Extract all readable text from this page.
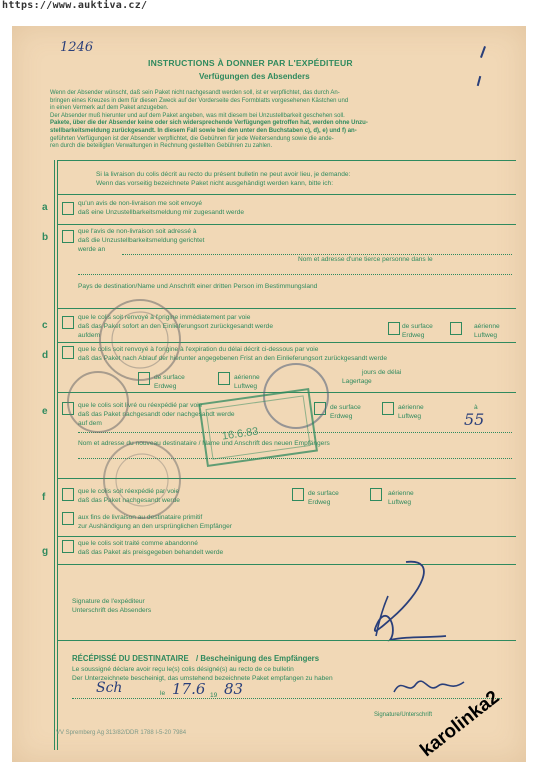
https://www.auktiva.cz/
1246
INSTRUCTIONS À DONNER PAR L'EXPÉDITEUR
Verfügungen des Absenders
Wenn der Absender wünscht, daß sein Paket nicht nachgesandt werden soll, ist er verpflichtet, das durch An-
bringen eines Kreuzes in dem für diesen Zweck auf der Vorderseite des Formblatts vorgesehenen Kästchen und
in einen Vermerk auf dem Paket anzugeben.
Der Absender muß hierunter und auf dem Paket angeben, was mit diesem bei Unzustellbarkeit geschehen soll.
Pakete, über die der Absender keine oder sich widersprechende Verfügungen getroffen hat, werden ohne Unzu-
stellbarkeitsmeldung zurückgesandt. In diesem Fall sowie bei den unter den Buchstaben c), d), e) und f) an-
geführten Verfügungen ist der Absender verpflichtet, die Gebühren für jede Weitersendung sowie die ande-
ren durch die beteiligten Verwaltungen in Rechnung gestellten Gebühren zu zahlen.
Si la livraison du colis décrit au recto du présent bulletin ne peut avoir lieu, je demande:
Wenn das vorseitig bezeichnete Paket nicht ausgehändigt werden kann, bitte ich:
a	qu'un avis de non-livraison me soit envoyé
daß eine Unzustellbarkeitsmeldung mir zugesandt werde
b
que l'avis de non-livraison soit adressé à
daß die Unzustellbarkeitsmeldung gerichtet
werde an
Nom et adresse d'une tierce personne dans le
Pays de destination/Name und Anschrift einer dritten Person im Bestimmungsland
c
que le colis soit renvoyé à l'origine immédiatement par voie
daß das Paket sofort an den Einlieferungsort zurückgesandt werde
aufdem
de surface
Erdweg
aérienne
Luftweg
d
que le colis soit renvoyé à l'origine à l'expiration du délai décrit ci-dessous par voie
daß das Paket nach Ablauf der hierunter angegebenen Frist an den Einlieferungsort zurückgesandt werde
de surface
Erdweg
aérienne
Luftweg
jours de délai
Lagertage
e
que le colis soit livré ou réexpédié par voie
daß das Paket nachgesandt oder nachgesandt werde
auf dem
de surface
Erdweg
aérienne
Luftweg
à
55
Nom et adresse du nouveau destinataire / Name und Anschrift des neuen Empfängers
f
que le colis soit réexpédié par voie
daß das Paket nachgesandt werde
de surface
Erdweg
aérienne
Luftweg
aux fins de livraison au destinataire primitif
zur Aushändigung an den ursprünglichen Empfänger
g
que le colis soit traité comme abandonné
daß das Paket als preisgegeben behandelt werde
Signature de l'expéditeur
Unterschrift des Absenders
RÉCÉPISSÉ DU DESTINATAIRE / Bescheinigung des Empfängers
Le soussigné déclare avoir reçu le(s) colis désigné(s) au recto de ce bulletin
Der Unterzeichnete bescheinigt, das umstehend bezeichnete Paket empfangen zu haben
Sch	le 17.6 19 83
Signature/Unterschrift
VV Spremberg Ag 313/82/DDR 1788 I-5-20 7984
16.6.83
karolinka2
